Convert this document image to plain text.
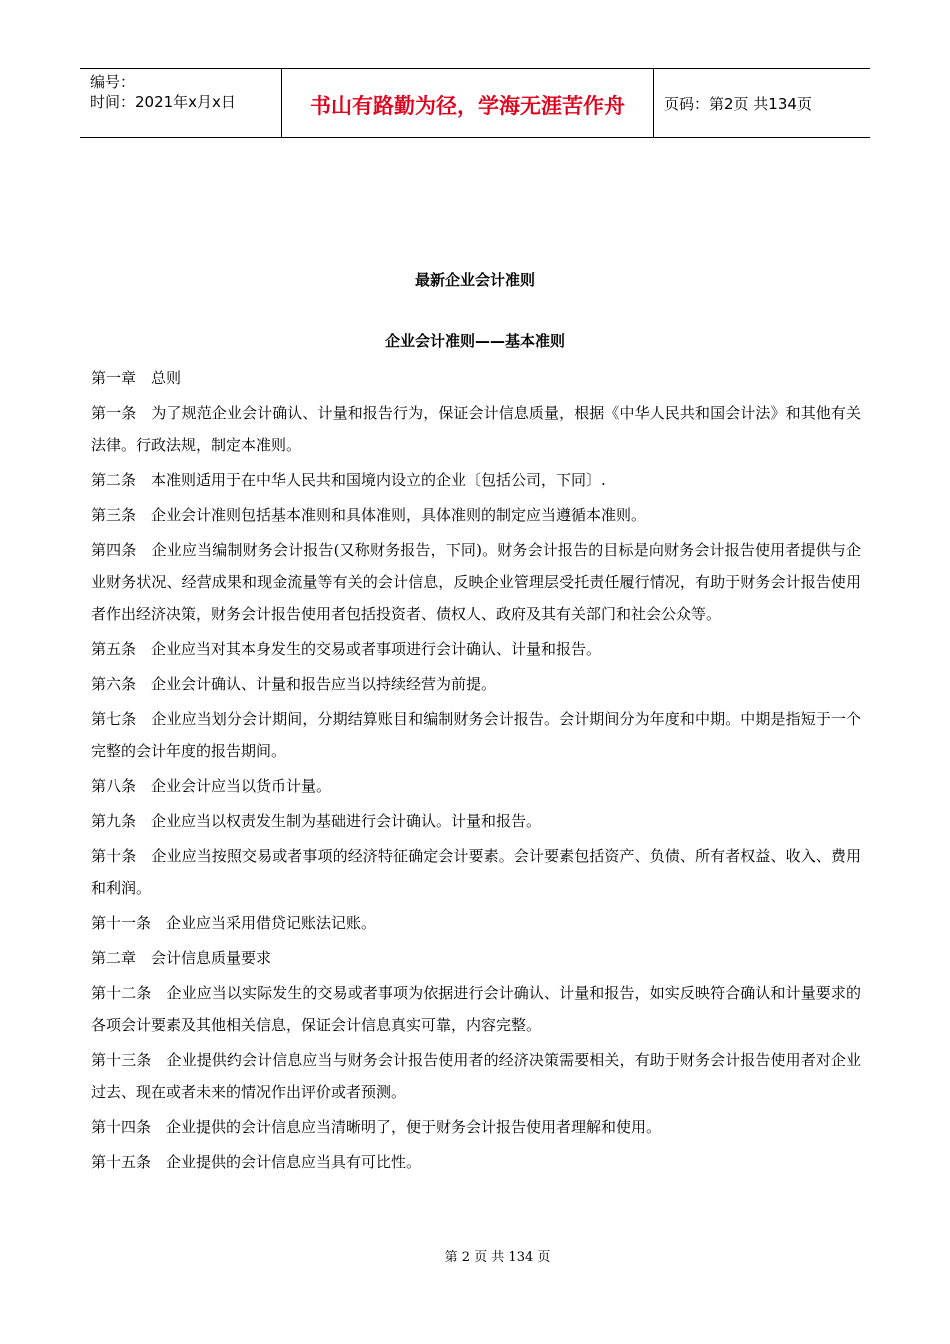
编号：
时间：2021年x月x日	书山有路勤为径，学海无涯苦作舟	页码：第2页 共134页
最新企业会计准则
企业会计准则——基本准则

第一章　总则

第一条　为了规范企业会计确认、计量和报告行为，保证会计信息质量，根据《中华人民共和国会计法》和其他有关法律。行政法规，制定本准则。

第二条　本准则适用于在中华人民共和国境内设立的企业〔包括公司，下同〕.

第三条　企业会计准则包括基本准则和具体准则，具体准则的制定应当遵循本准则。

第四条　企业应当编制财务会计报告(又称财务报告，下同)。财务会计报告的目标是向财务会计报告使用者提供与企业财务状况、经营成果和现金流量等有关的会计信息，反映企业管理层受托责任履行情况，有助于财务会计报告使用者作出经济决策，财务会计报告使用者包括投资者、债权人、政府及其有关部门和社会公众等。

第五条　企业应当对其本身发生的交易或者事项进行会计确认、计量和报告。

第六条　企业会计确认、计量和报告应当以持续经营为前提。

第七条　企业应当划分会计期间，分期结算账目和编制财务会计报告。会计期间分为年度和中期。中期是指短于一个完整的会计年度的报告期间。

第八条　企业会计应当以货币计量。

第九条　企业应当以权责发生制为基础进行会计确认。计量和报告。

第十条　企业应当按照交易或者事项的经济特征确定会计要素。会计要素包括资产、负债、所有者权益、收入、费用和利润。

第十一条　企业应当采用借贷记账法记账。

第二章　会计信息质量要求

第十二条　企业应当以实际发生的交易或者事项为依据进行会计确认、计量和报告，如实反映符合确认和计量要求的各项会计要素及其他相关信息，保证会计信息真实可靠，内容完整。

第十三条　企业提供约会计信息应当与财务会计报告使用者的经济决策需要相关，有助于财务会计报告使用者对企业过去、现在或者未来的情况作出评价或者预测。

第十四条　企业提供的会计信息应当清晰明了，便于财务会计报告使用者理解和使用。

第十五条　企业提供的会计信息应当具有可比性。

第 2 页 共 134 页
